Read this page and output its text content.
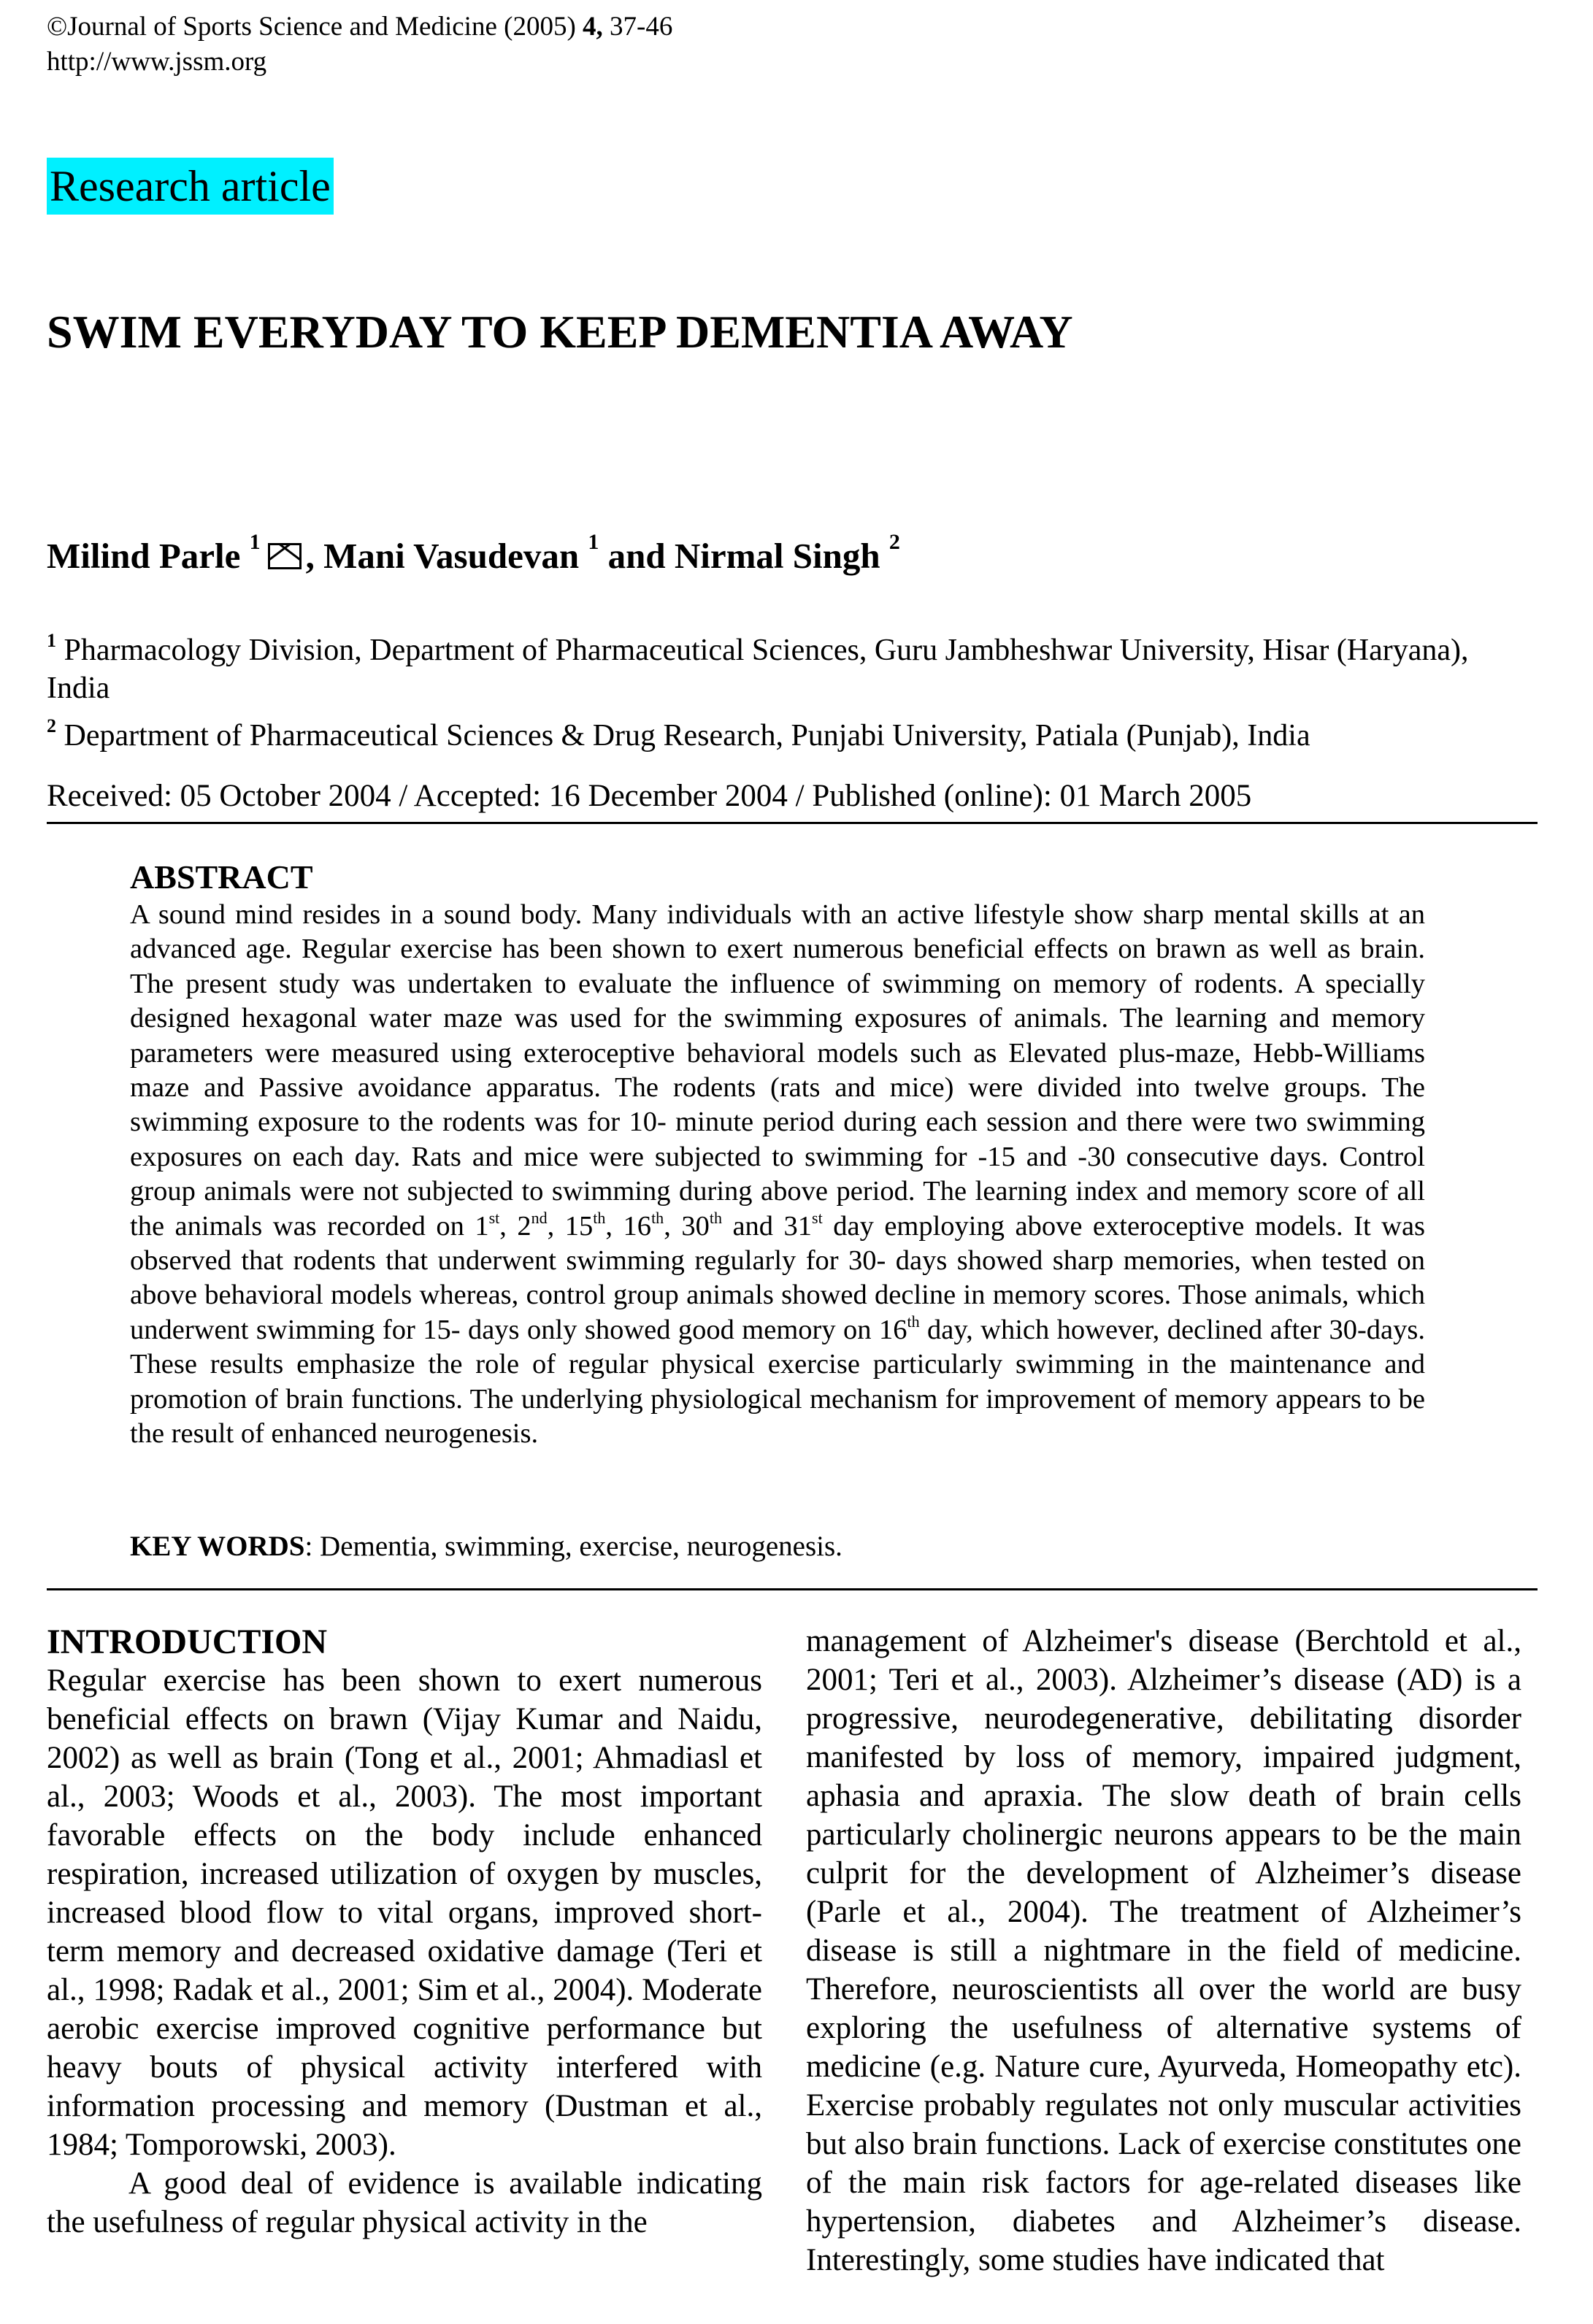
©Journal of Sports Science and Medicine (2005) 4, 37-46
http://www.jssm.org
Research article
SWIM EVERYDAY TO KEEP DEMENTIA AWAY
Milind Parle $^1$ , Mani Vasudevan $^1$ and Nirmal Singh $^2$
$^1$ Pharmacology Division, Department of Pharmaceutical Sciences, Guru Jambheshwar University, Hisar (Haryana), India
$^2$ Department of Pharmaceutical Sciences & Drug Research, Punjabi University, Patiala (Punjab), India
Received: 05 October 2004 / Accepted: 16 December 2004 / Published (online): 01 March 2005
ABSTRACT

A sound mind resides in a sound body. Many individuals with an active lifestyle show sharp mental skills at an advanced age. Regular exercise has been shown to exert numerous beneficial effects on brawn as well as brain. The present study was undertaken to evaluate the influence of swimming on memory of rodents. A specially designed hexagonal water maze was used for the swimming exposures of animals. The learning and memory parameters were measured using exteroceptive behavioral models such as Elevated plus-maze, Hebb-Williams maze and Passive avoidance apparatus. The rodents (rats and mice) were divided into twelve groups. The swimming exposure to the rodents was for 10- minute period during each session and there were two swimming exposures on each day. Rats and mice were subjected to swimming for -15 and -30 consecutive days. Control group animals were not subjected to swimming during above period. The learning index and memory score of all the animals was recorded on 1st, 2nd, 15th, 16th, 30th and 31st day employing above exteroceptive models. It was observed that rodents that underwent swimming regularly for 30- days showed sharp memories, when tested on above behavioral models whereas, control group animals showed decline in memory scores. Those animals, which underwent swimming for 15- days only showed good memory on 16th day, which however, declined after 30-days. These results emphasize the role of regular physical exercise particularly swimming in the maintenance and promotion of brain functions. The underlying physiological mechanism for improvement of memory appears to be the result of enhanced neurogenesis.

KEY WORDS: Dementia, swimming, exercise, neurogenesis.
INTRODUCTION

Regular exercise has been shown to exert numerous beneficial effects on brawn (Vijay Kumar and Naidu, 2002) as well as brain (Tong et al., 2001; Ahmadiasl et al., 2003; Woods et al., 2003). The most important favorable effects on the body include enhanced respiration, increased utilization of oxygen by muscles, increased blood flow to vital organs, improved short-term memory and decreased oxidative damage (Teri et al., 1998; Radak et al., 2001; Sim et al., 2004). Moderate aerobic exercise improved cognitive performance but heavy bouts of physical activity interfered with information processing and memory (Dustman et al., 1984; Tomporowski, 2003).

A good deal of evidence is available indicating the usefulness of regular physical activity in the

management of Alzheimer's disease (Berchtold et al., 2001; Teri et al., 2003). Alzheimer’s disease (AD) is a progressive, neurodegenerative, debilitating disorder manifested by loss of memory, impaired judgment, aphasia and apraxia. The slow death of brain cells particularly cholinergic neurons appears to be the main culprit for the development of Alzheimer’s disease (Parle et al., 2004). The treatment of Alzheimer’s disease is still a nightmare in the field of medicine. Therefore, neuroscientists all over the world are busy exploring the usefulness of alternative systems of medicine (e.g. Nature cure, Ayurveda, Homeopathy etc). Exercise probably regulates not only muscular activities but also brain functions. Lack of exercise constitutes one of the main risk factors for age-related diseases like hypertension, diabetes and Alzheimer’s disease. Interestingly, some studies have indicated that
